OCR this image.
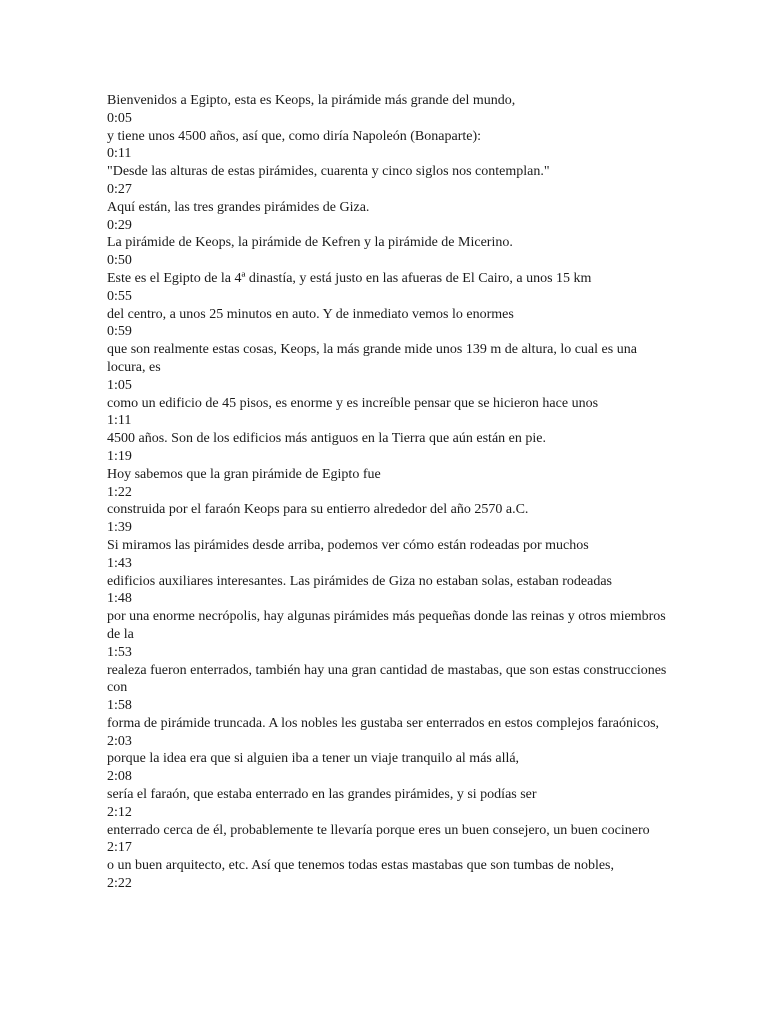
Bienvenidos a Egipto, esta es Keops, la pirámide más grande del mundo,
0:05
y tiene unos 4500 años, así que, como diría Napoleón (Bonaparte):
0:11
"Desde las alturas de estas pirámides, cuarenta y cinco siglos nos contemplan."
0:27
Aquí están, las tres grandes pirámides de Giza.
0:29
La pirámide de Keops, la pirámide de Kefren y la pirámide de Micerino.
0:50
Este es el Egipto de la 4ª dinastía, y está justo en las afueras de El Cairo, a unos 15 km
0:55
del centro, a unos 25 minutos en auto. Y de inmediato vemos lo enormes
0:59
que son realmente estas cosas, Keops, la más grande mide unos 139 m de altura, lo cual es una locura, es
1:05
como un edificio de 45 pisos, es enorme y es increíble pensar que se hicieron hace unos
1:11
4500 años. Son de los edificios más antiguos en la Tierra que aún están en pie.
1:19
Hoy sabemos que la gran pirámide de Egipto fue
1:22
construida por el faraón Keops para su entierro alrededor del año 2570 a.C.
1:39
Si miramos las pirámides desde arriba, podemos ver cómo están rodeadas por muchos
1:43
edificios auxiliares interesantes. Las pirámides de Giza no estaban solas, estaban rodeadas
1:48
por una enorme necrópolis, hay algunas pirámides más pequeñas donde las reinas y otros miembros de la
1:53
realeza fueron enterrados, también hay una gran cantidad de mastabas, que son estas construcciones con
1:58
forma de pirámide truncada. A los nobles les gustaba ser enterrados en estos complejos faraónicos,
2:03
porque la idea era que si alguien iba a tener un viaje tranquilo al más allá,
2:08
sería el faraón, que estaba enterrado en las grandes pirámides, y si podías ser
2:12
enterrado cerca de él, probablemente te llevaría porque eres un buen consejero, un buen cocinero
2:17
o un buen arquitecto, etc. Así que tenemos todas estas mastabas que son tumbas de nobles,
2:22
